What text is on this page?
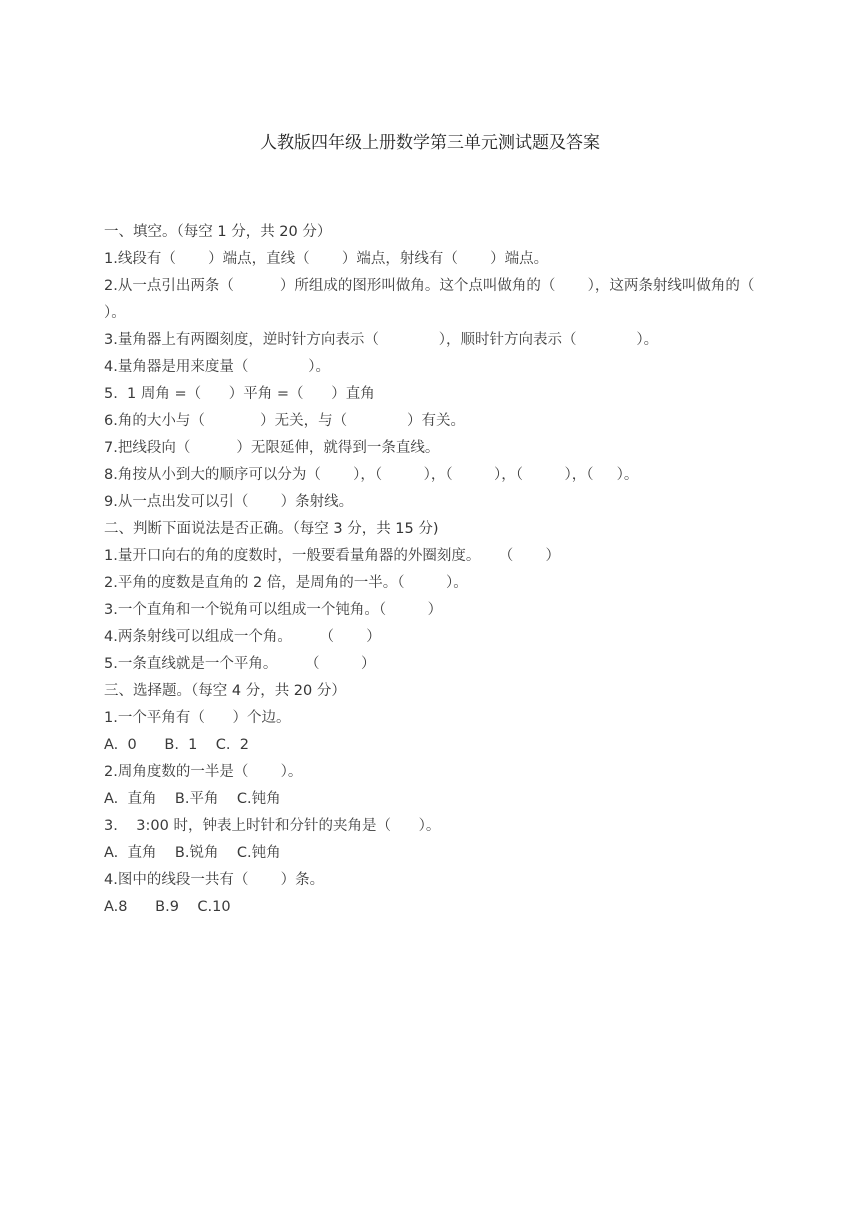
人教版四年级上册数学第三单元测试题及答案
一、填空。（每空 1 分，共 20 分）
1.线段有（       ）端点，直线（       ）端点，射线有（       ）端点。
2.从一点引出两条（          ）所组成的图形叫做角。这个点叫做角的（       ），这两条射线叫做角的（         ）。
3.量角器上有两圈刻度，逆时针方向表示（             ），顺时针方向表示（             ）。
4.量角器是用来度量（             ）。
5.  1 周角 =（      ）平角 =（      ）直角
6.角的大小与（            ）无关，与（             ）有关。
7.把线段向（          ）无限延伸，就得到一条直线。
8.角按从小到大的顺序可以分为（       ），（         ），（         ），（         ），（     ）。
9.从一点出发可以引（       ）条射线。
二、判断下面说法是否正确。（每空 3 分，共 15 分)
1.量开口向右的角的度数时，一般要看量角器的外圈刻度。    （       ）
2.平角的度数是直角的 2 倍，是周角的一半。（         ）。
3.一个直角和一个锐角可以组成一个钝角。（         ）
4.两条射线可以组成一个角。      （       ）
5.一条直线就是一个平角。      （         ）
三、选择题。（每空 4 分，共 20 分）
1.一个平角有（      ）个边。
A.  0      B.  1    C.  2
2.周角度数的一半是（       ）。
A.  直角    B.平角    C.钝角
3.    3:00 时，钟表上时针和分针的夹角是（      ）。
A.  直角    B.锐角    C.钝角
4.图中的线段一共有（       ）条。
A.8      B.9    C.10
